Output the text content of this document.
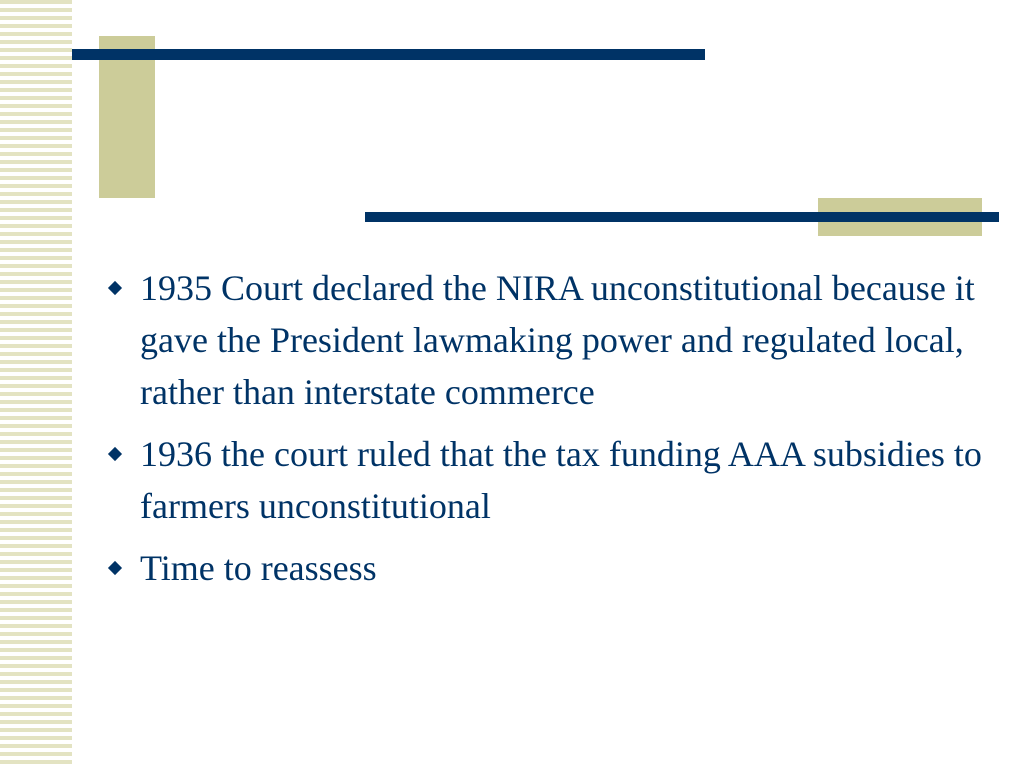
1935 Court declared the NIRA unconstitutional because it gave the President lawmaking power and regulated local, rather than interstate commerce
1936 the court ruled that the tax funding AAA subsidies to farmers unconstitutional
Time to reassess
